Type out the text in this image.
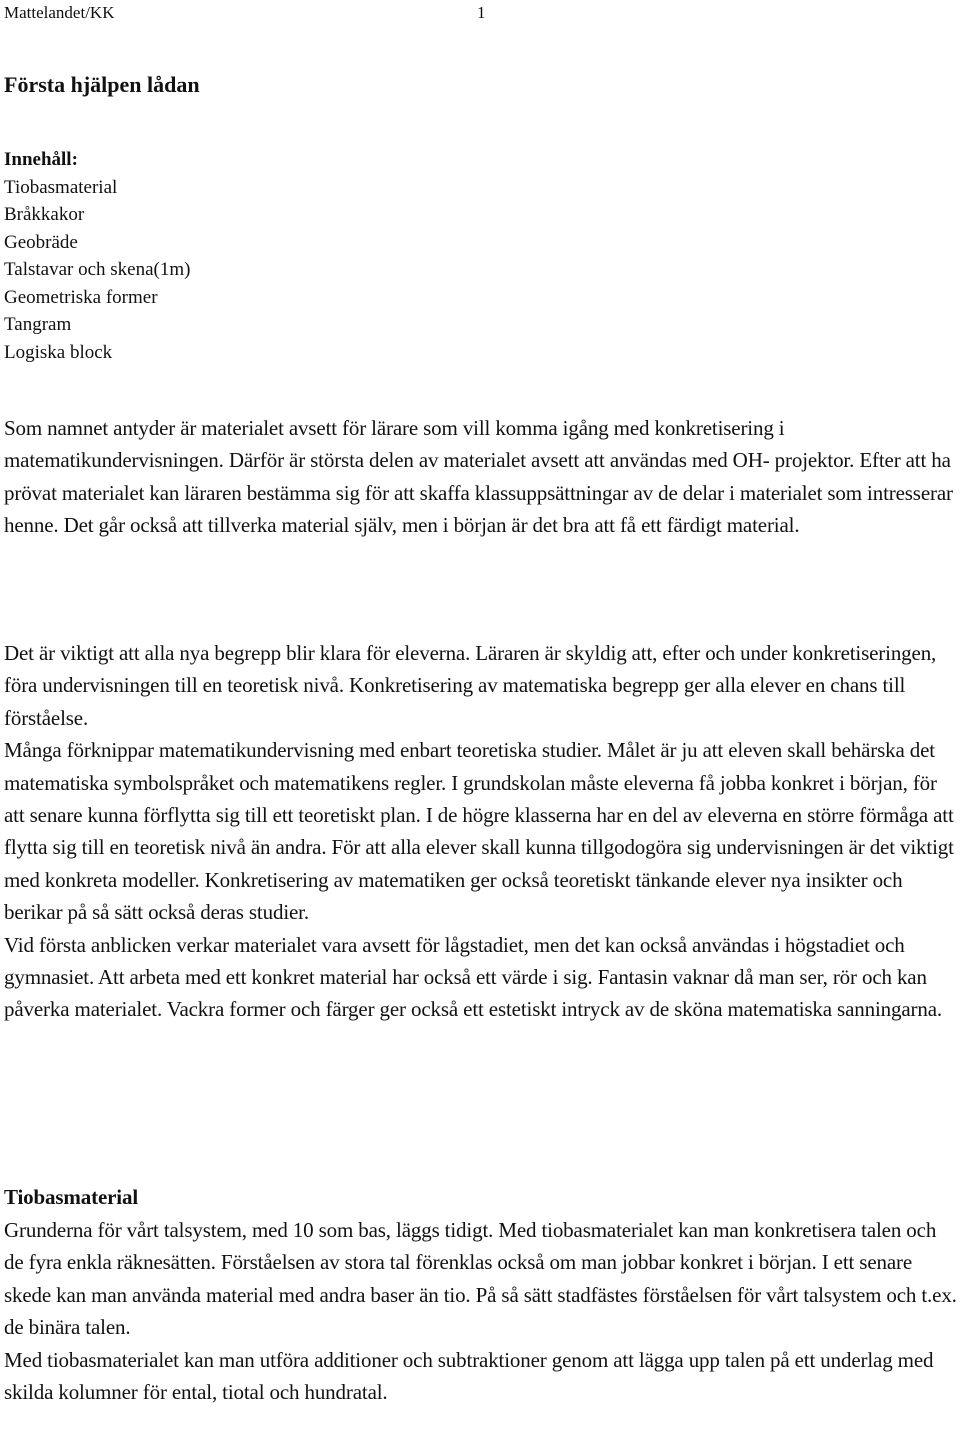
Mattelandet/KK	1
Första hjälpen lådan
Innehåll:
Tiobasmaterial
Bråkkakor
Geobräde
Talstavar och skena(1m)
Geometriska former
Tangram
Logiska block

Som namnet antyder är materialet avsett för lärare som vill komma igång med konkretisering i matematikundervisningen. Därför är största delen av materialet avsett att användas med OH- projektor. Efter att ha prövat materialet kan läraren bestämma sig för att skaffa klassuppsättningar av de delar i materialet som intresserar henne. Det går också att tillverka material själv, men i början är det bra att få ett färdigt material.

Det är viktigt att alla nya begrepp blir klara för eleverna. Läraren är skyldig att, efter och under konkretiseringen, föra undervisningen till en teoretisk nivå. Konkretisering av matematiska begrepp ger alla elever en chans till förståelse.

Många förknippar matematikundervisning med enbart teoretiska studier. Målet är ju att eleven skall behärska det matematiska symbolspråket och matematikens regler. I grundskolan måste eleverna få jobba konkret i början, för att senare kunna förflytta sig till ett teoretiskt plan. I de högre klasserna har en del av eleverna en större förmåga att flytta sig till en teoretisk nivå än andra. För att alla elever skall kunna tillgodogöra sig undervisningen är det viktigt med konkreta modeller. Konkretisering av matematiken ger också teoretiskt tänkande elever nya insikter och berikar på så sätt också deras studier.

Vid första anblicken verkar materialet vara avsett för lågstadiet, men det kan också användas i högstadiet och gymnasiet. Att arbeta med ett konkret material har också ett värde i sig. Fantasin vaknar då man ser, rör och kan påverka materialet. Vackra former och färger ger också ett estetiskt intryck av de sköna matematiska sanningarna.

Tiobasmaterial

Grunderna för vårt talsystem, med 10 som bas, läggs tidigt. Med tiobasmaterialet kan man konkretisera talen och de fyra enkla räknesätten. Förståelsen av stora tal förenklas också om man jobbar konkret i början. I ett senare skede kan man använda material med andra baser än tio. På så sätt stadfästes förståelsen för vårt talsystem och t.ex. de binära talen.

Med tiobasmaterialet kan man utföra additioner och subtraktioner genom att lägga upp talen på ett underlag med skilda kolumner för ental, tiotal och hundratal.
